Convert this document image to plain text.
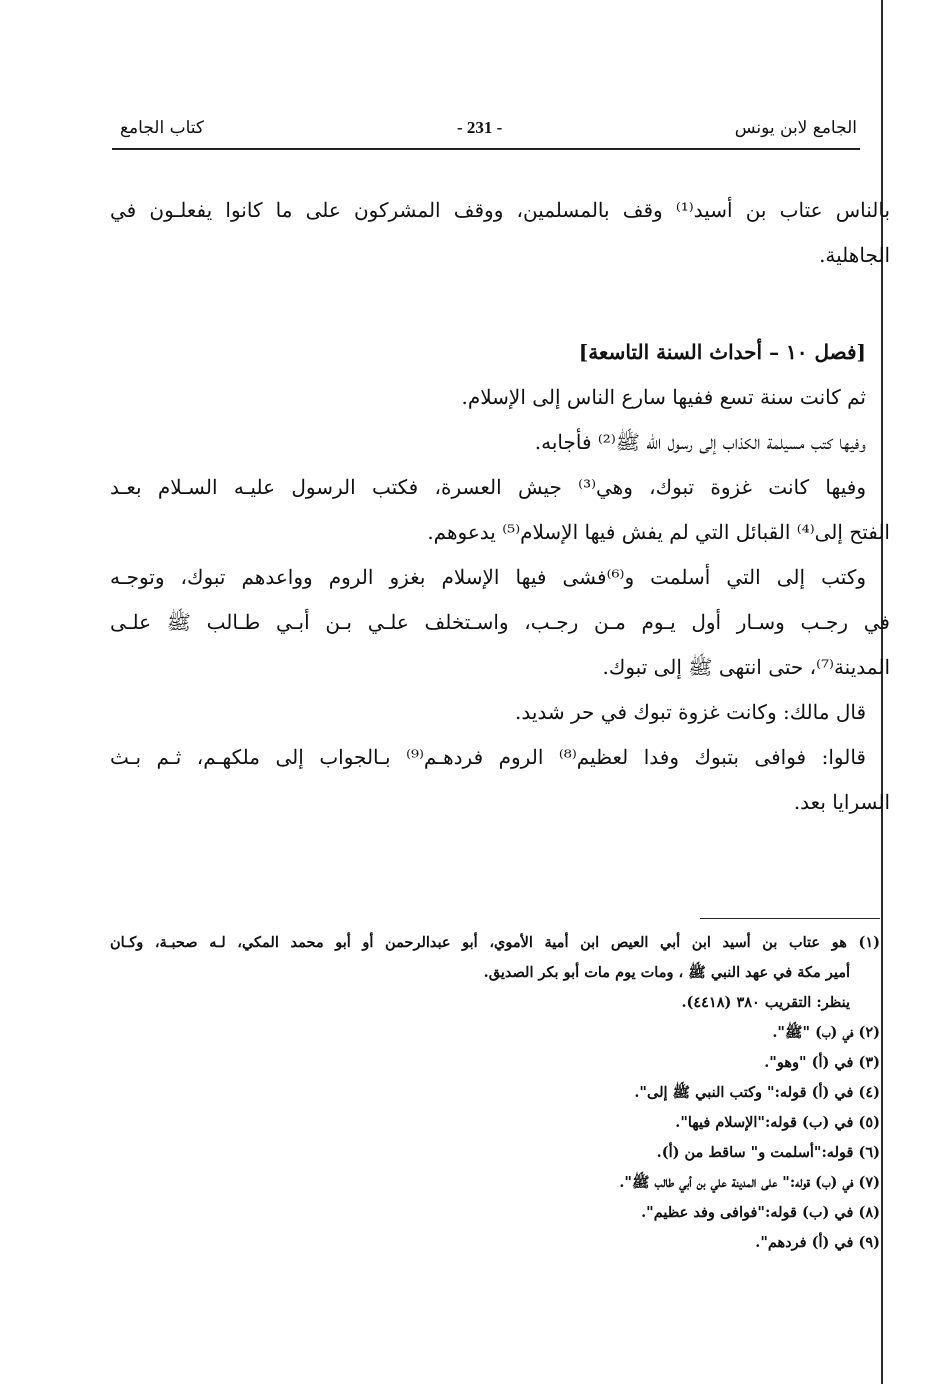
الجامع لابن يونس
- 231 -
كتاب الجامع
بالناس عتاب بن أسيد⁽¹⁾ وقف بالمسلمين، ووقف المشركون على ما كانوا يفعلـون في
الجاهلية.
[فصل ١٠ – أحداث السنة التاسعة]
ثم كانت سنة تسع ففيها سارع الناس إلى الإسلام.
وفيها كتب مسيلمة الكذاب إلى رسول الله ﷺ⁽²⁾ فأجابه.
وفيها كانت غزوة تبوك، وهي⁽³⁾ جيش العسرة، فكتب الرسول عليـه السـلام بعـد
الفتح إلى⁽⁴⁾ القبائل التي لم يفش فيها الإسلام⁽⁵⁾ يدعوهم.
وكتب إلى التي أسلمت و⁽⁶⁾فشى فيها الإسلام بغزو الروم وواعدهم تبوك، وتوجـه
في رجـب وسـار أول يـوم مـن رجـب، واسـتخلف علـي بـن أبـي طـالب ﷺ علـى
المدينة⁽⁷⁾، حتى انتهى ﷺ إلى تبوك.
قال مالك: وكانت غزوة تبوك في حر شديد.
قالوا: فوافى بتبوك وفدا لعظيم⁽⁸⁾ الروم فردهـم⁽⁹⁾ بـالجواب إلى ملكهـم، ثـم بـث
السرايا بعد.
(١) هو عتاب بن أسيد ابن أبي العيص ابن أمية الأموي، أبو عبدالرحمن أو أبو محمد المكي، لـه صحبـة، وكـان
أمير مكة في عهد النبي ﷺ ، ومات يوم مات أبو بكر الصديق.
ينظر: التقريب ٣٨٠ (٤٤١٨).
(٢) في (ب) "ﷺ".
(٣) في (أ) "وهو".
(٤) في (أ) قوله:" وكتب النبي ﷺ إلى".
(٥) في (ب) قوله:"الإسلام فيها".
(٦) قوله:"أسلمت و" ساقط من (أ).
(٧) في (ب) قوله:" على المدينة علي بن أبي طالب ﷺ".
(٨) في (ب) قوله:"فوافى وفد عظيم".
(٩) في (أ) فردهم".
